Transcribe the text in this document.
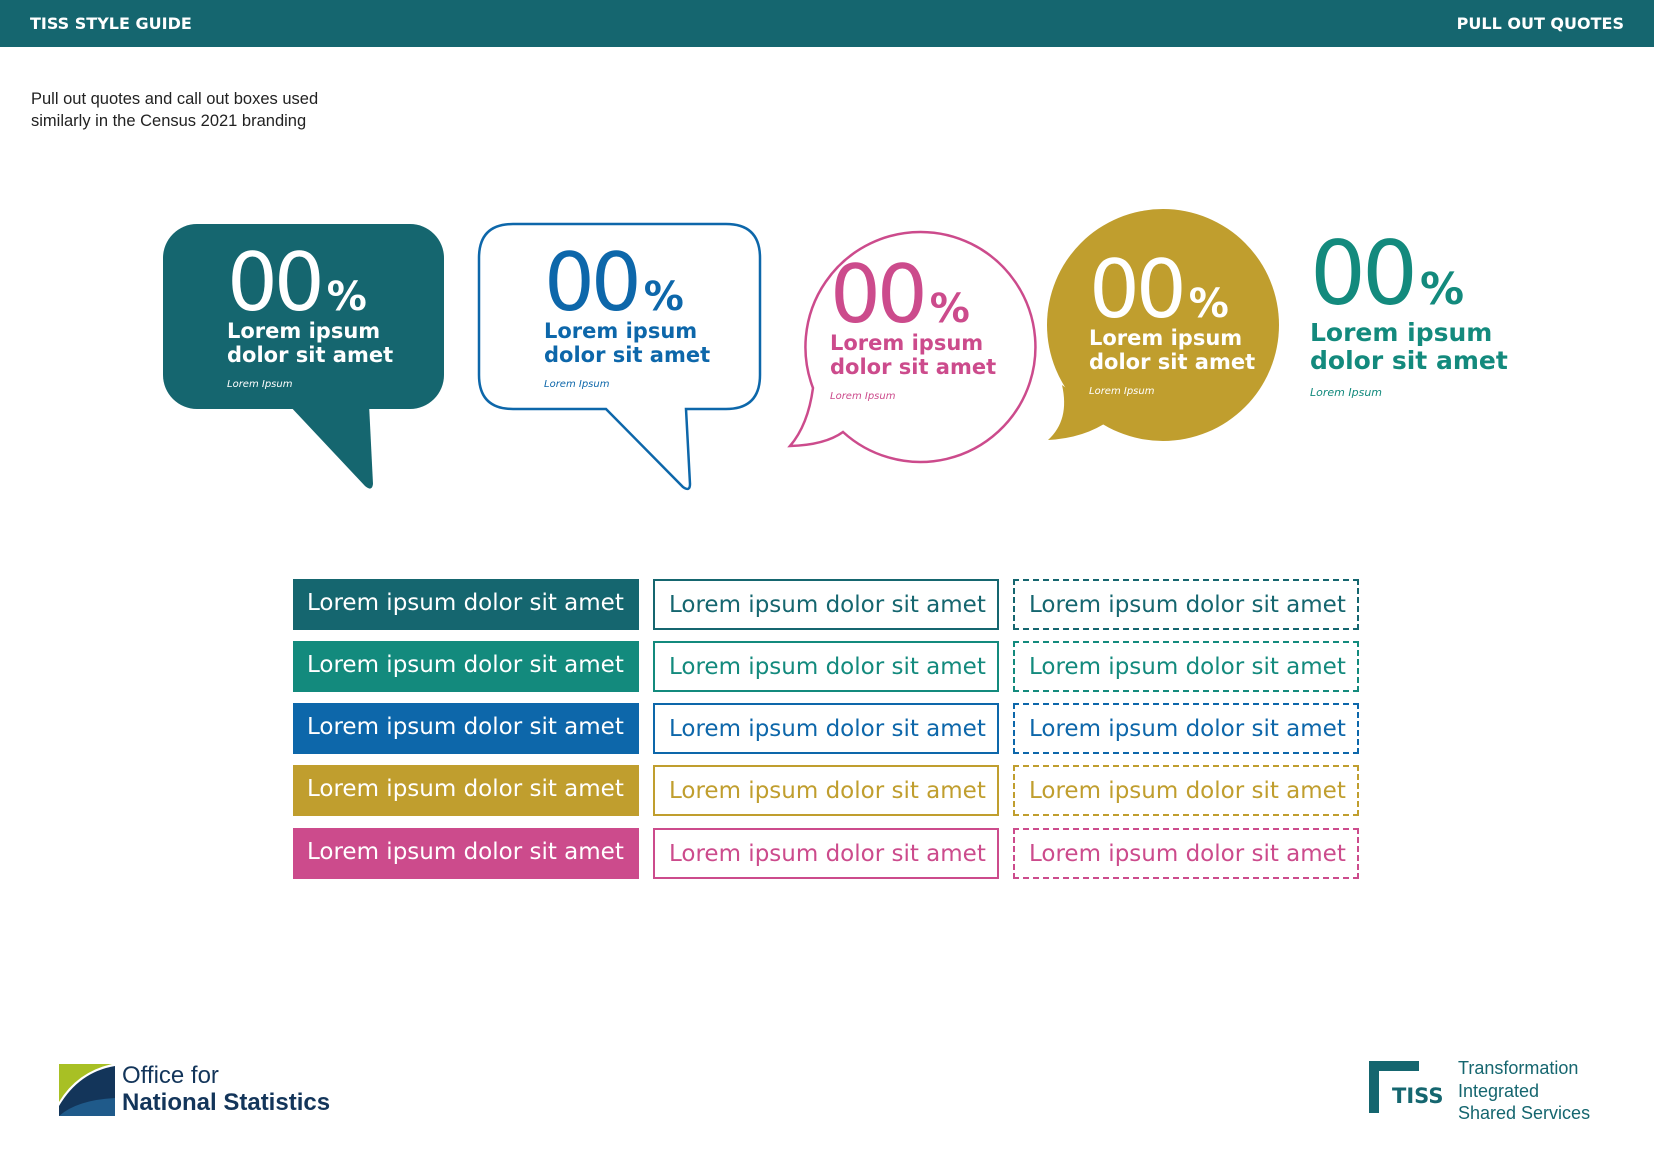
TISS STYLE GUIDE	PULL OUT QUOTES
Pull out quotes and call out boxes used
similarly in the Census 2021 branding
00 %
Lorem ipsum
dolor sit amet
Lorem Ipsum
00 %
Lorem ipsum
dolor sit amet
Lorem Ipsum
00 %
Lorem ipsum
dolor sit amet
Lorem Ipsum
00 %
Lorem ipsum
dolor sit amet
Lorem Ipsum
00 %
Lorem ipsum
dolor sit amet
Lorem Ipsum
Lorem ipsum dolor sit amet	Lorem ipsum dolor sit amet	Lorem ipsum dolor sit amet
Lorem ipsum dolor sit amet	Lorem ipsum dolor sit amet	Lorem ipsum dolor sit amet
Lorem ipsum dolor sit amet	Lorem ipsum dolor sit amet	Lorem ipsum dolor sit amet
Lorem ipsum dolor sit amet	Lorem ipsum dolor sit amet	Lorem ipsum dolor sit amet
Lorem ipsum dolor sit amet	Lorem ipsum dolor sit amet	Lorem ipsum dolor sit amet
Office for
National Statistics	TISS
Transformation
Integrated
Shared Services
